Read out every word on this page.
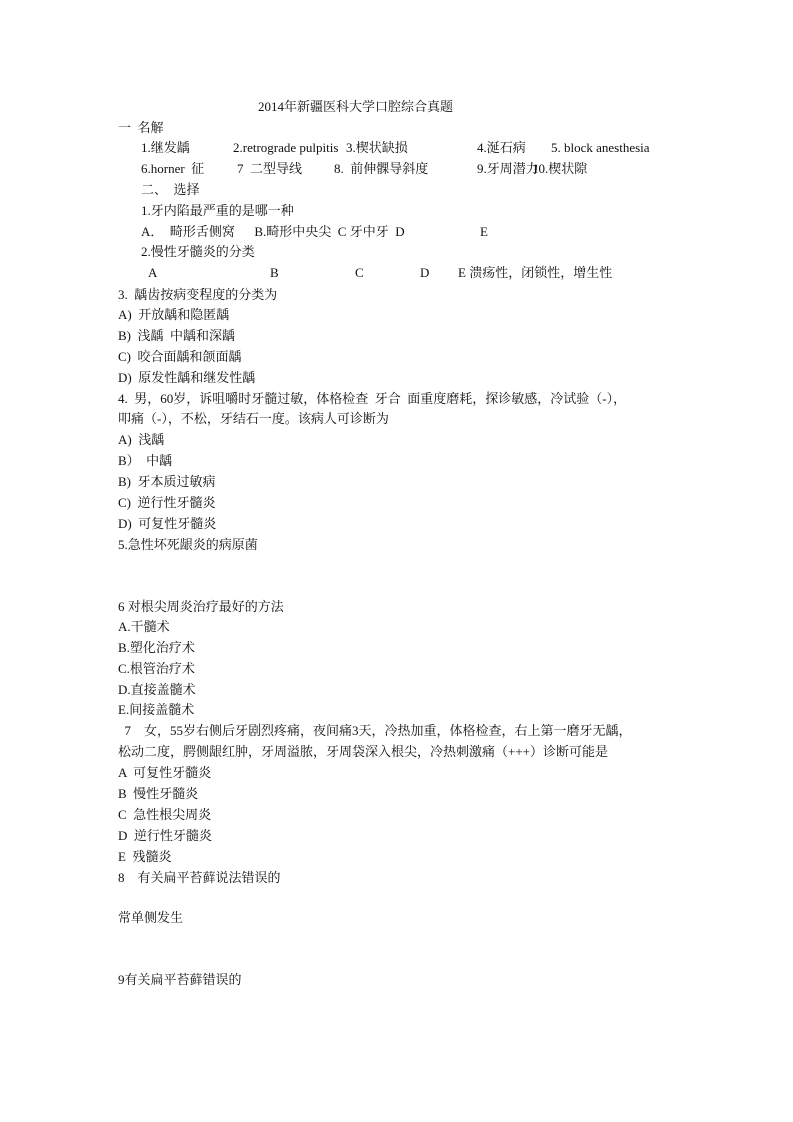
2014年新疆医科大学口腔综合真题
一  名解
1.继发龋	2.retrograde pulpitis 3.楔状缺损	4.涎石病 5. block anesthesia
6.horner  征	7  二型导线 8.  前伸髁导斜度	9.牙周潜力
10.楔状隙
二、  选择
1.牙内陷最严重的是哪一种
A．  畸形舌侧窝      B.畸形中央尖  C 牙中牙  D	E
2.慢性牙髓炎的分类
A	B	C	D E 溃疡性，闭锁性，增生性
3.  龋齿按病变程度的分类为
A)  开放龋和隐匿龋
B)  浅龋  中龋和深龋
C)  咬合面龋和颌面龋
D)  原发性龋和继发性龋
4.  男，60岁，诉咀嚼时牙髓过敏，体格检查  牙合  面重度磨耗，探诊敏感，冷试验（-），
叩痛（-），不松，牙结石一度。该病人可诊断为
A)  浅龋
B）  中龋
B)  牙本质过敏病
C)  逆行性牙髓炎
D)  可复性牙髓炎
5.急性坏死龈炎的病原菌
6 对根尖周炎治疗最好的方法
A.干髓术
B.塑化治疗术
C.根管治疗术
D.直接盖髓术
E.间接盖髓术
7    女，55岁右侧后牙剧烈疼痛，夜间痛3天，冷热加重，体格检查，右上第一磨牙无龋，
松动二度，腭侧龈红肿，牙周溢脓，牙周袋深入根尖，冷热刺激痛（+++）诊断可能是
A  可复性牙髓炎
B  慢性牙髓炎
C  急性根尖周炎
D  逆行性牙髓炎
E  残髓炎
8    有关扁平苔藓说法错误的
常单侧发生
9有关扁平苔藓错误的
